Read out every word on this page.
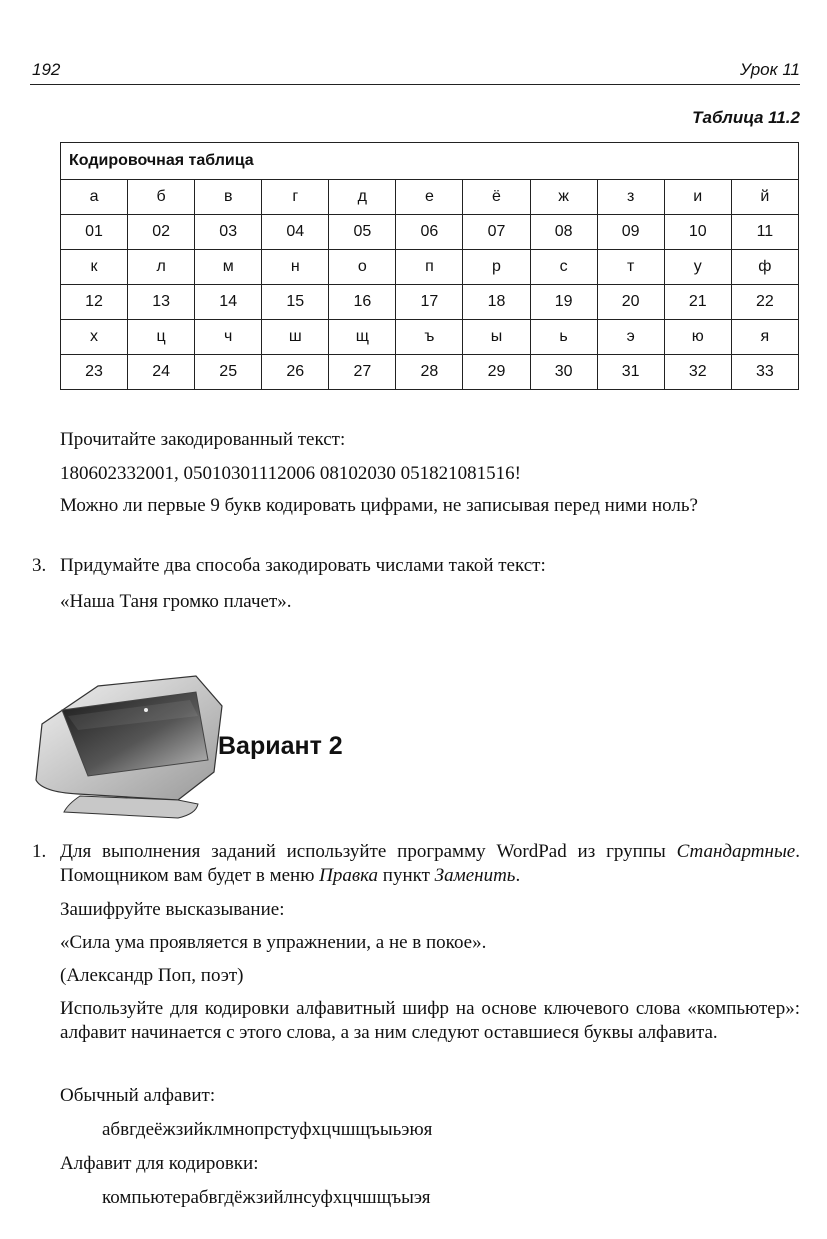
192	Урок 11
Таблица 11.2
Кодировочная таблица										
а	б	в	г	д	е	ё	ж	з	и	й
01	02	03	04	05	06	07	08	09	10	11
к	л	м	н	о	п	р	с	т	у	ф
12	13	14	15	16	17	18	19	20	21	22
х	ц	ч	ш	щ	ъ	ы	ь	э	ю	я
23	24	25	26	27	28	29	30	31	32	33
Прочитайте закодированный текст:
180602332001, 05010301112006 08102030 051821081516!
Можно ли первые 9 букв кодировать цифрами, не записывая перед ними ноль?
3. Придумайте два способа закодировать числами такой текст:
«Наша Таня громко плачет».
Вариант 2
1. Для выполнения заданий используйте программу WordPad из группы Стандартные. Помощником вам будет в меню Правка пункт Заменить.
Зашифруйте высказывание:
«Сила ума проявляется в упражнении, а не в покое».
(Александр Поп, поэт)
Используйте для кодировки алфавитный шифр на основе ключевого слова «компьютер»: алфавит начинается с этого слова, а за ним следуют оставшиеся буквы алфавита.
Обычный алфавит:
абвгдеёжзийклмнопрстуфхцчшщъыьэюя
Алфавит для кодировки:
компьютерабвгдёжзийлнсуфхцчшщъыэя
